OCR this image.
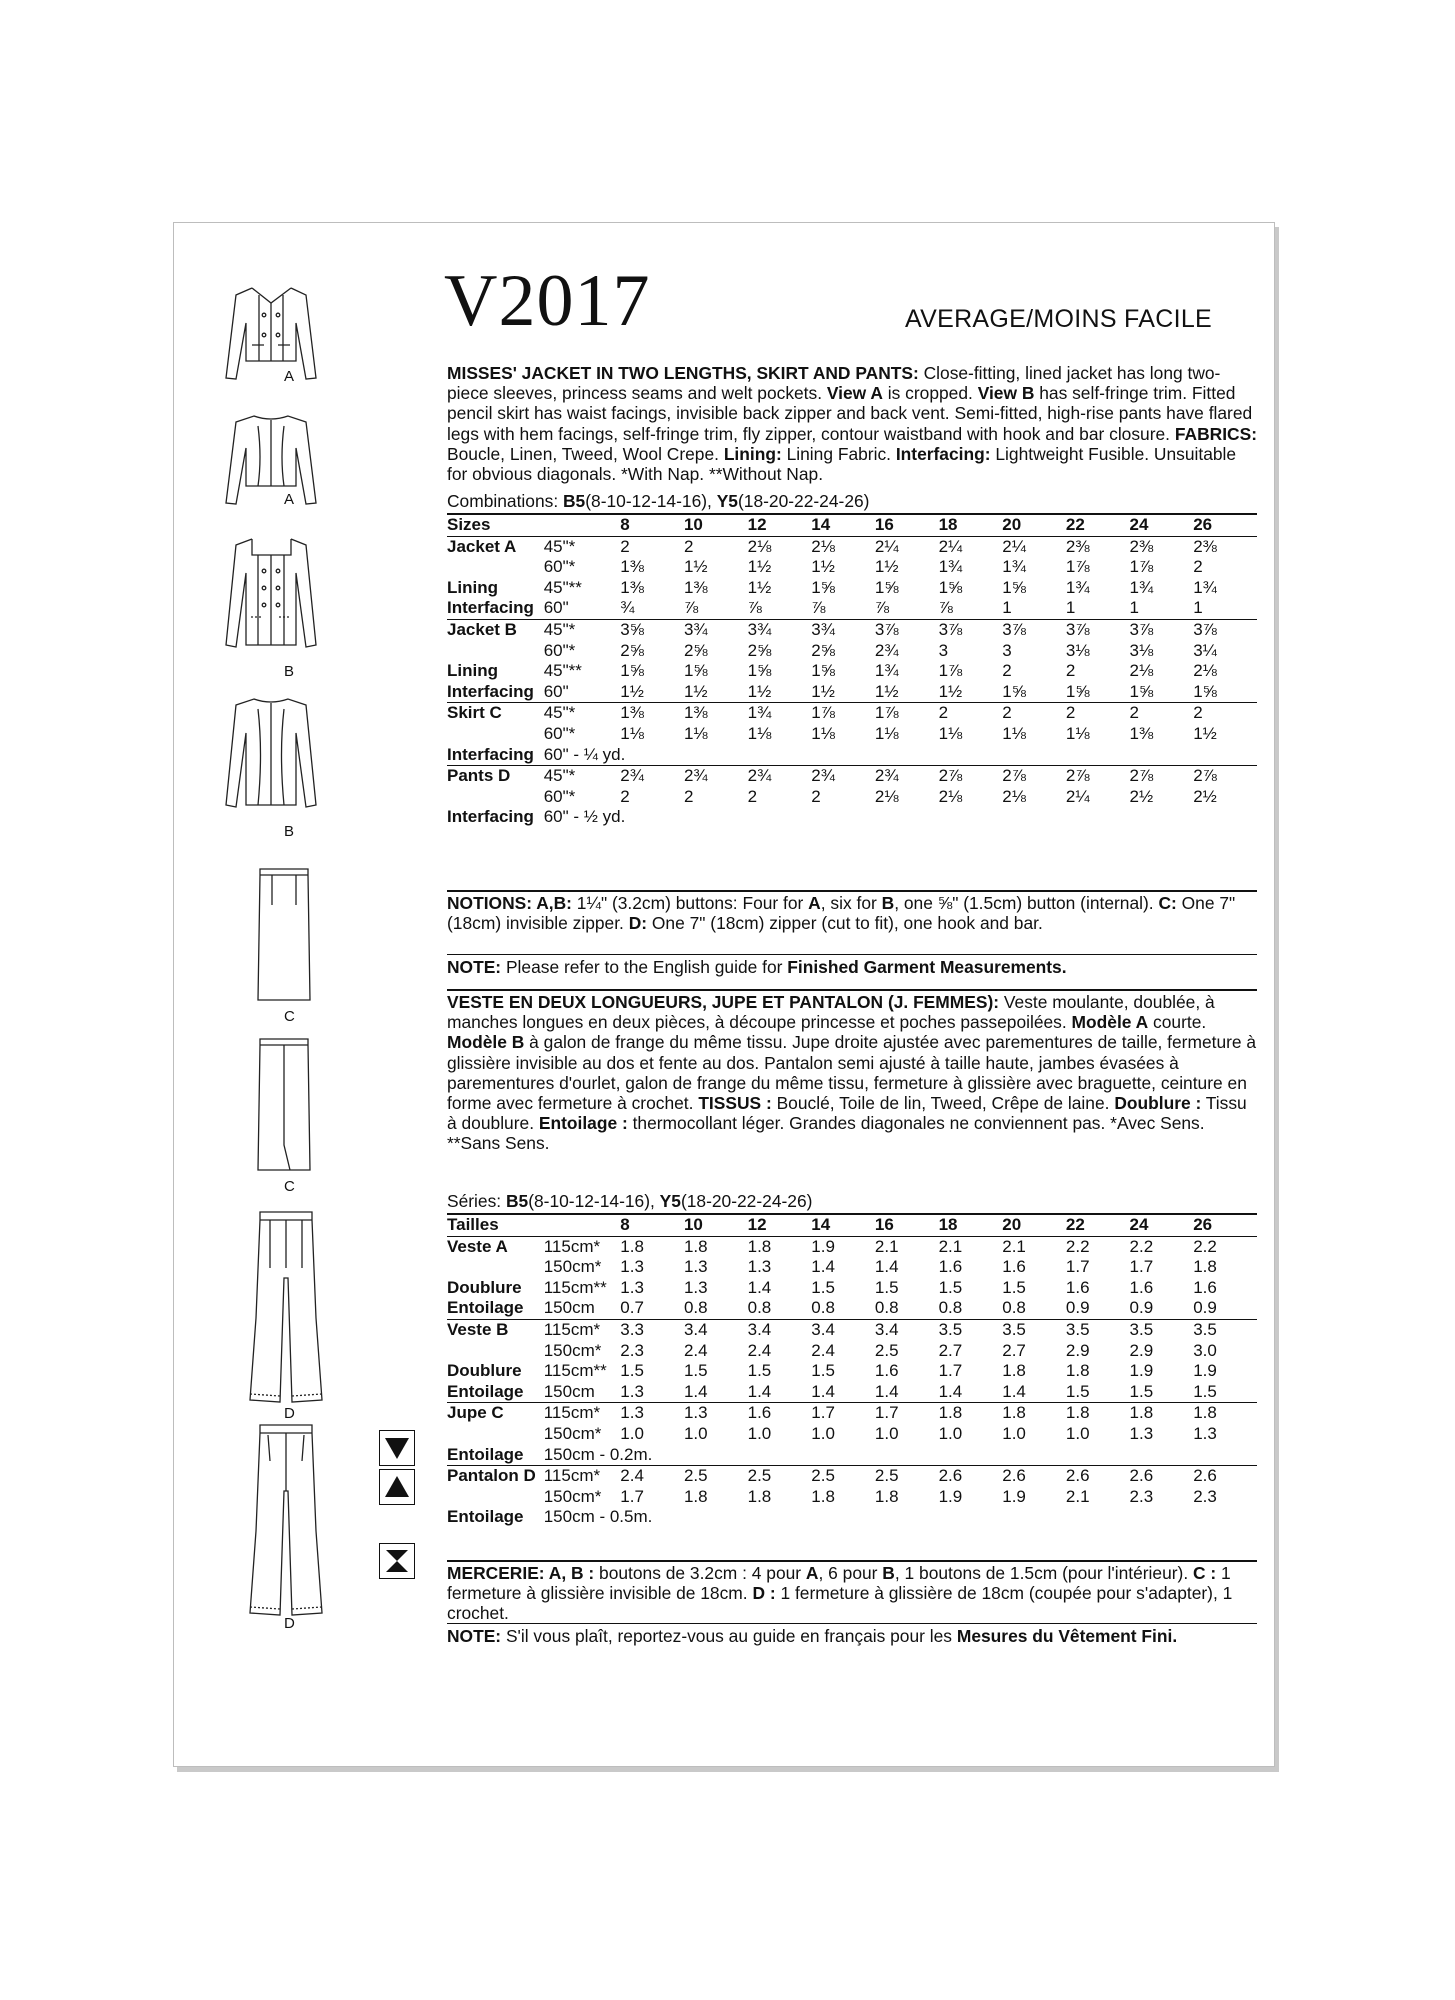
V2017	AVERAGE/MOINS FACILE
A
A
B
B
C
C
D
D
MISSES' JACKET IN TWO LENGTHS, SKIRT AND PANTS: Close-fitting, lined jacket has long two-piece sleeves, princess seams and welt pockets. View A is cropped. View B has self-fringe trim. Fitted pencil skirt has waist facings, invisible back zipper and back vent. Semi-fitted, high-rise pants have flared legs with hem facings, self-fringe trim, fly zipper, contour waistband with hook and bar closure. FABRICS: Boucle, Linen, Tweed, Wool Crepe. Lining: Lining Fabric. Interfacing: Lightweight Fusible. Unsuitable for obvious diagonals. *With Nap. **Without Nap.
Combinations: B5(8-10-12-14-16), Y5(18-20-22-24-26)
Sizes		8	10	12	14	16	18	20	22	24	26
Jacket A	45"*	2	2	2⅛	2⅛	2¼	2¼	2¼	2⅜	2⅜	2⅜
	60"*	1⅜	1½	1½	1½	1½	1¾	1¾	1⅞	1⅞	2
Lining	45"**	1⅜	1⅜	1½	1⅝	1⅝	1⅝	1⅝	1¾	1¾	1¾
Interfacing	60"	¾	⅞	⅞	⅞	⅞	⅞	1	1	1	1
Jacket B	45"*	3⅝	3¾	3¾	3¾	3⅞	3⅞	3⅞	3⅞	3⅞	3⅞
	60"*	2⅝	2⅝	2⅝	2⅝	2¾	3	3	3⅛	3⅛	3¼
Lining	45"**	1⅝	1⅝	1⅝	1⅝	1¾	1⅞	2	2	2⅛	2⅛
Interfacing	60"	1½	1½	1½	1½	1½	1½	1⅝	1⅝	1⅝	1⅝
Skirt C	45"*	1⅜	1⅜	1¾	1⅞	1⅞	2	2	2	2	2
	60"*	1⅛	1⅛	1⅛	1⅛	1⅛	1⅛	1⅛	1⅛	1⅜	1½
Interfacing	60" - ¼ yd.										
Pants D	45"*	2¾	2¾	2¾	2¾	2¾	2⅞	2⅞	2⅞	2⅞	2⅞
	60"*	2	2	2	2	2⅛	2⅛	2⅛	2¼	2½	2½
Interfacing	60" - ½ yd.										
NOTIONS: A,B: 1¼" (3.2cm) buttons: Four for A, six for B, one ⅝" (1.5cm) button (internal). C: One 7" (18cm) invisible zipper. D: One 7" (18cm) zipper (cut to fit), one hook and bar.
NOTE: Please refer to the English guide for Finished Garment Measurements.
VESTE EN DEUX LONGUEURS, JUPE ET PANTALON (J. FEMMES): Veste moulante, doublée, à manches longues en deux pièces, à découpe princesse et poches passepoilées. Modèle A courte. Modèle B à galon de frange du même tissu. Jupe droite ajustée avec parementures de taille, fermeture à glissière invisible au dos et fente au dos. Pantalon semi ajusté à taille haute, jambes évasées à parementures d'ourlet, galon de frange du même tissu, fermeture à glissière avec braguette, ceinture en forme avec fermeture à crochet. TISSUS : Bouclé, Toile de lin, Tweed, Crêpe de laine. Doublure : Tissu à doublure. Entoilage : thermocollant léger. Grandes diagonales ne conviennent pas. *Avec Sens. **Sans Sens.
Séries: B5(8-10-12-14-16), Y5(18-20-22-24-26)
Tailles		8	10	12	14	16	18	20	22	24	26
Veste A	115cm*	1.8	1.8	1.8	1.9	2.1	2.1	2.1	2.2	2.2	2.2
	150cm*	1.3	1.3	1.3	1.4	1.4	1.6	1.6	1.7	1.7	1.8
Doublure	115cm**	1.3	1.3	1.4	1.5	1.5	1.5	1.5	1.6	1.6	1.6
Entoilage	150cm	0.7	0.8	0.8	0.8	0.8	0.8	0.8	0.9	0.9	0.9
Veste B	115cm*	3.3	3.4	3.4	3.4	3.4	3.5	3.5	3.5	3.5	3.5
	150cm*	2.3	2.4	2.4	2.4	2.5	2.7	2.7	2.9	2.9	3.0
Doublure	115cm**	1.5	1.5	1.5	1.5	1.6	1.7	1.8	1.8	1.9	1.9
Entoilage	150cm	1.3	1.4	1.4	1.4	1.4	1.4	1.4	1.5	1.5	1.5
Jupe C	115cm*	1.3	1.3	1.6	1.7	1.7	1.8	1.8	1.8	1.8	1.8
	150cm*	1.0	1.0	1.0	1.0	1.0	1.0	1.0	1.0	1.3	1.3
Entoilage	150cm - 0.2m.										
Pantalon D	115cm*	2.4	2.5	2.5	2.5	2.5	2.6	2.6	2.6	2.6	2.6
	150cm*	1.7	1.8	1.8	1.8	1.8	1.9	1.9	2.1	2.3	2.3
Entoilage	150cm - 0.5m.										
MERCERIE: A, B : boutons de 3.2cm : 4 pour A, 6 pour B, 1 boutons de 1.5cm (pour l'intérieur). C : 1 fermeture à glissière invisible de 18cm. D : 1 fermeture à glissière de 18cm (coupée pour s'adapter), 1 crochet.
NOTE: S'il vous plaît, reportez-vous au guide en français pour les Mesures du Vêtement Fini.
